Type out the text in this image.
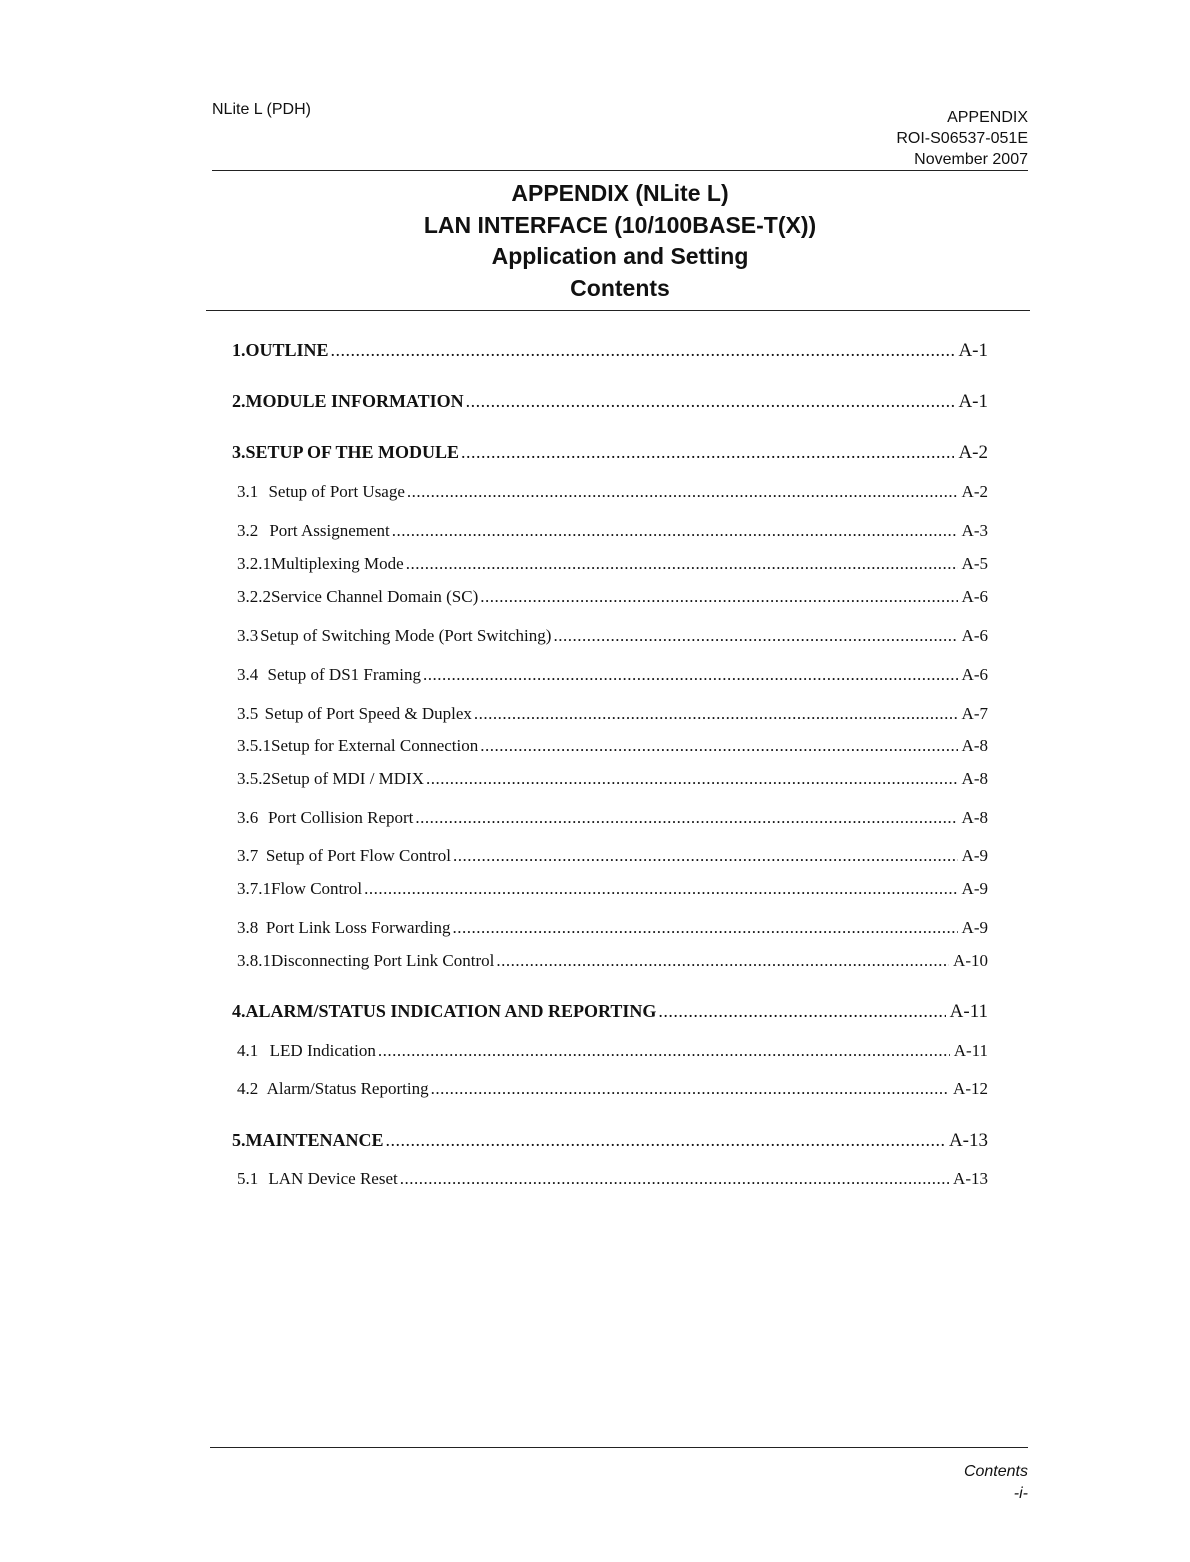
NLite L (PDH)	APPENDIX
ROI-S06537-051E
November 2007
APPENDIX (NLite L)
LAN INTERFACE (10/100BASE-T(X))
Application and Setting
Contents
1. OUTLINE .....	A-1
2. MODULE INFORMATION .....	A-1
3. SETUP OF THE MODULE .....	A-2
3.1 Setup of Port Usage .....	A-2
3.2 Port Assignement .....	A-3
3.2.1 Multiplexing Mode .....	A-5
3.2.2 Service Channel Domain (SC) .....	A-6
3.3 Setup of Switching Mode (Port Switching) .....	A-6
3.4 Setup of DS1 Framing .....	A-6
3.5 Setup of Port Speed & Duplex .....	A-7
3.5.1 Setup for External Connection .....	A-8
3.5.2 Setup of MDI / MDIX .....	A-8
3.6 Port Collision Report .....	A-8
3.7 Setup of Port Flow Control .....	A-9
3.7.1 Flow Control .....	A-9
3.8 Port Link Loss Forwarding .....	A-9
3.8.1 Disconnecting Port Link Control .....	A-10
4. ALARM/STATUS INDICATION AND REPORTING .....	A-11
4.1 LED Indication .....	A-11
4.2 Alarm/Status Reporting .....	A-12
5. MAINTENANCE .....	A-13
5.1 LAN Device Reset .....	A-13
Contents
-i-
